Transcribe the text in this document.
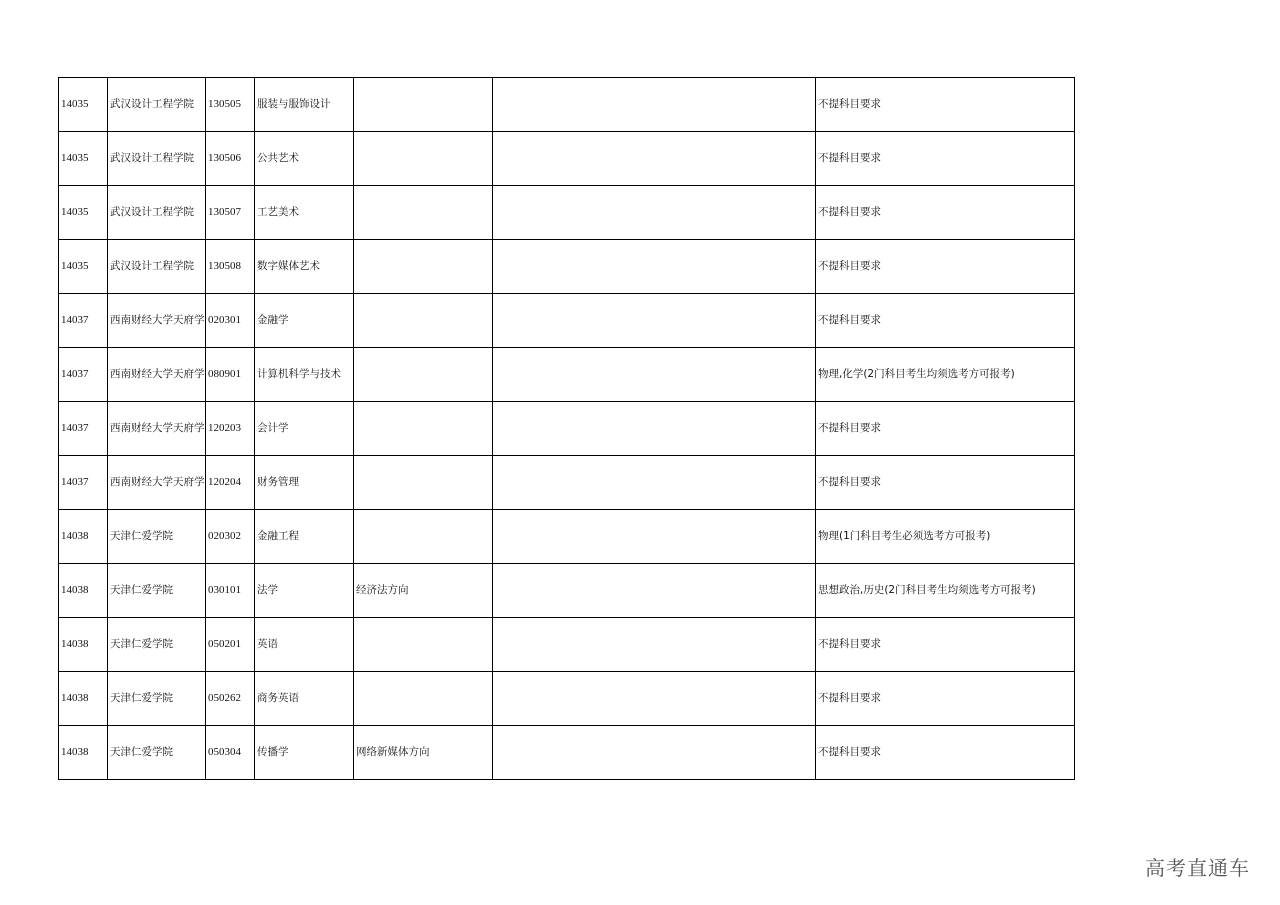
14035	武汉设计工程学院	130505	服装与服饰设计			不提科目要求
14035	武汉设计工程学院	130506	公共艺术			不提科目要求
14035	武汉设计工程学院	130507	工艺美术			不提科目要求
14035	武汉设计工程学院	130508	数字媒体艺术			不提科目要求
14037	西南财经大学天府学	020301	金融学			不提科目要求
14037	西南财经大学天府学	080901	计算机科学与技术			物理,化学(2门科目考生均须选考方可报考)
14037	西南财经大学天府学	120203	会计学			不提科目要求
14037	西南财经大学天府学	120204	财务管理			不提科目要求
14038	天津仁爱学院	020302	金融工程			物理(1门科目考生必须选考方可报考)
14038	天津仁爱学院	030101	法学	经济法方向		思想政治,历史(2门科目考生均须选考方可报考)
14038	天津仁爱学院	050201	英语			不提科目要求
14038	天津仁爱学院	050262	商务英语			不提科目要求
14038	天津仁爱学院	050304	传播学	网络新媒体方向		不提科目要求
高考直通车
